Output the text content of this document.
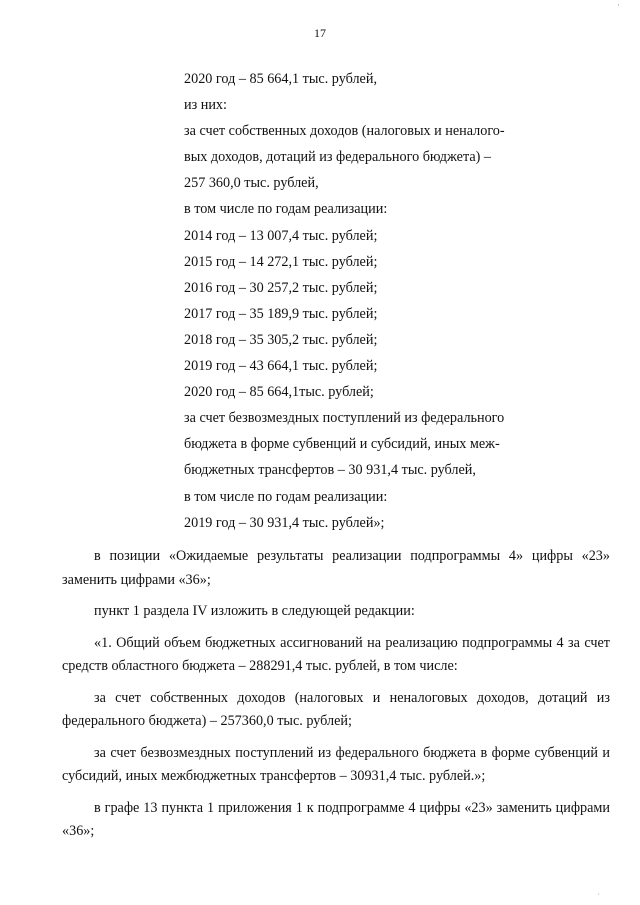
·
17
2020 год – 85 664,1 тыс. рублей,
из них:
за счет собственных доходов (налоговых и неналого-
вых доходов, дотаций из федерального бюджета) –
257 360,0 тыс. рублей,
в том числе по годам реализации:
2014 год – 13 007,4 тыс. рублей;
2015 год – 14 272,1 тыс. рублей;
2016 год – 30 257,2 тыс. рублей;
2017 год – 35 189,9 тыс. рублей;
2018 год – 35 305,2 тыс. рублей;
2019 год – 43 664,1 тыс. рублей;
2020 год – 85 664,1тыс. рублей;
за счет безвозмездных поступлений из федерального
бюджета в форме субвенций и субсидий, иных меж-
бюджетных трансфертов – 30 931,4 тыс. рублей,
в том числе по годам реализации:
2019 год – 30 931,4 тыс. рублей»;
в позиции «Ожидаемые результаты реализации подпрограммы 4» цифры «23» заменить цифрами «36»;
пункт 1 раздела IV изложить в следующей редакции:
«1. Общий объем бюджетных ассигнований на реализацию подпрограммы 4 за счет средств областного бюджета – 288291,4 тыс. рублей, в том числе:
за счет собственных доходов (налоговых и неналоговых доходов, дотаций из федерального бюджета) – 257360,0 тыс. рублей;
за счет безвозмездных поступлений из федерального бюджета в форме субвенций и субсидий, иных межбюджетных трансфертов – 30931,4 тыс. рублей.»;
в графе 13 пункта 1 приложения 1 к подпрограмме 4 цифры «23» заменить цифрами «36»;
·
